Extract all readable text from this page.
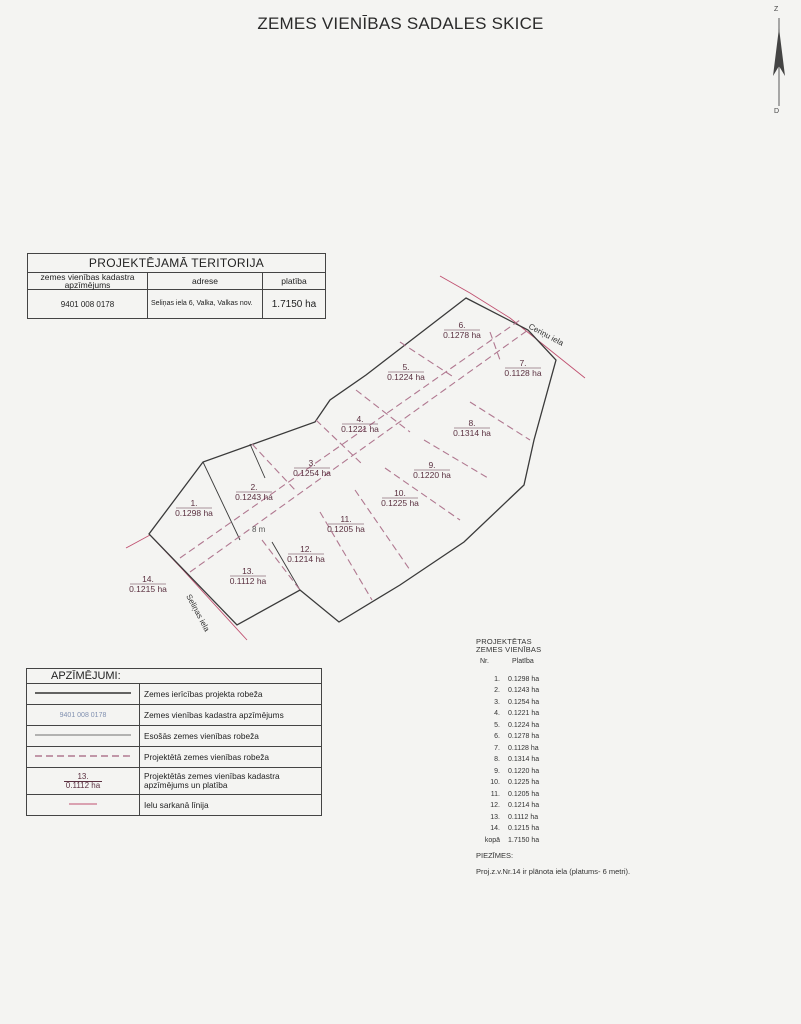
ZEMES VIENĪBAS SADALES SKICE
Z
D
PROJEKTĒJAMĀ TERITORIJA		
zemes vienības kadastra apzīmējums	adrese	platība
9401 008 0178	Seliņas iela 6, Valka, Valkas nov.	1.7150 ha
1.
0.1298 ha
2.
0.1243 ha
3.
0.1254 ha
4.
0.1221 ha
5.
0.1224 ha
6.
0.1278 ha
7.
0.1128 ha
8.
0.1314 ha
9.
0.1220 ha
10.
0.1225 ha
11.
0.1205 ha
12.
0.1214 ha
13.
0.1112 ha
14.
0.1215 ha
Ceriņu iela
Seliņas iela
8 m
APZĪMĒJUMI:	
	Zemes ierīcības projekta robeža
9401 008 0178	Zemes vienības kadastra apzīmējums
	Esošās zemes vienības robeža
	Projektētā zemes vienības robeža

13.
0.1112 ha	Projektētās zemes vienības kadastra apzīmējums un platība
	Ielu sarkanā līnija
PROJEKTĒTAS
ZEMES VIENĪBAS
Nr.	Platība
1.	0.1298 ha
2.	0.1243 ha
3.	0.1254 ha
4.	0.1221 ha
5.	0.1224 ha
6.	0.1278 ha
7.	0.1128 ha
8.	0.1314 ha
9.	0.1220 ha
10.	0.1225 ha
11.	0.1205 ha
12.	0.1214 ha
13.	0.1112 ha
14.	0.1215 ha
kopā	1.7150 ha
PIEZĪMES:
Proj.z.v.Nr.14 ir plānota iela (platums- 6 metri).
